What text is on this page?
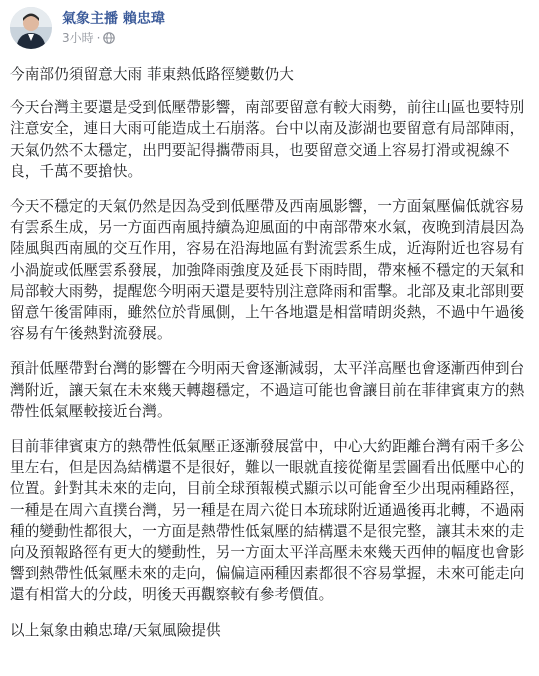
氣象主播 賴忠瑋
3小時 ·

今南部仍須留意大雨 菲東熱低路徑變數仍大

今天台灣主要還是受到低壓帶影響，南部要留意有較大雨勢，前往山區也要特別注意安全，連日大雨可能造成土石崩落。台中以南及澎湖也要留意有局部陣雨，天氣仍然不太穩定，出門要記得攜帶雨具，也要留意交通上容易打滑或視線不良，千萬不要搶快。

今天不穩定的天氣仍然是因為受到低壓帶及西南風影響，一方面氣壓偏低就容易有雲系生成，另一方面西南風持續為迎風面的中南部帶來水氣，夜晚到清晨因為陸風與西南風的交互作用，容易在沿海地區有對流雲系生成，近海附近也容易有小渦旋或低壓雲系發展，加強降雨強度及延長下雨時間，帶來極不穩定的天氣和局部較大雨勢，提醒您今明兩天還是要特別注意降雨和雷擊。北部及東北部則要留意午後雷陣雨，雖然位於背風側，上午各地還是相當晴朗炎熱，不過中午過後容易有午後熱對流發展。

預計低壓帶對台灣的影響在今明兩天會逐漸減弱，太平洋高壓也會逐漸西伸到台灣附近，讓天氣在未來幾天轉趨穩定，不過這可能也會讓目前在菲律賓東方的熱帶性低氣壓較接近台灣。

目前菲律賓東方的熱帶性低氣壓正逐漸發展當中，中心大約距離台灣有兩千多公里左右，但是因為結構還不是很好，難以一眼就直接從衛星雲圖看出低壓中心的位置。針對其未來的走向，目前全球預報模式顯示以可能會至少出現兩種路徑，一種是在周六直撲台灣，另一種是在周六從日本琉球附近通過後再北轉，不過兩種的變動性都很大，一方面是熱帶性低氣壓的結構還不是很完整，讓其未來的走向及預報路徑有更大的變動性，另一方面太平洋高壓未來幾天西伸的幅度也會影響到熱帶性低氣壓未來的走向，偏偏這兩種因素都很不容易掌握，未來可能走向還有相當大的分歧，明後天再觀察較有參考價值。

以上氣象由賴忠瑋/天氣風險提供
